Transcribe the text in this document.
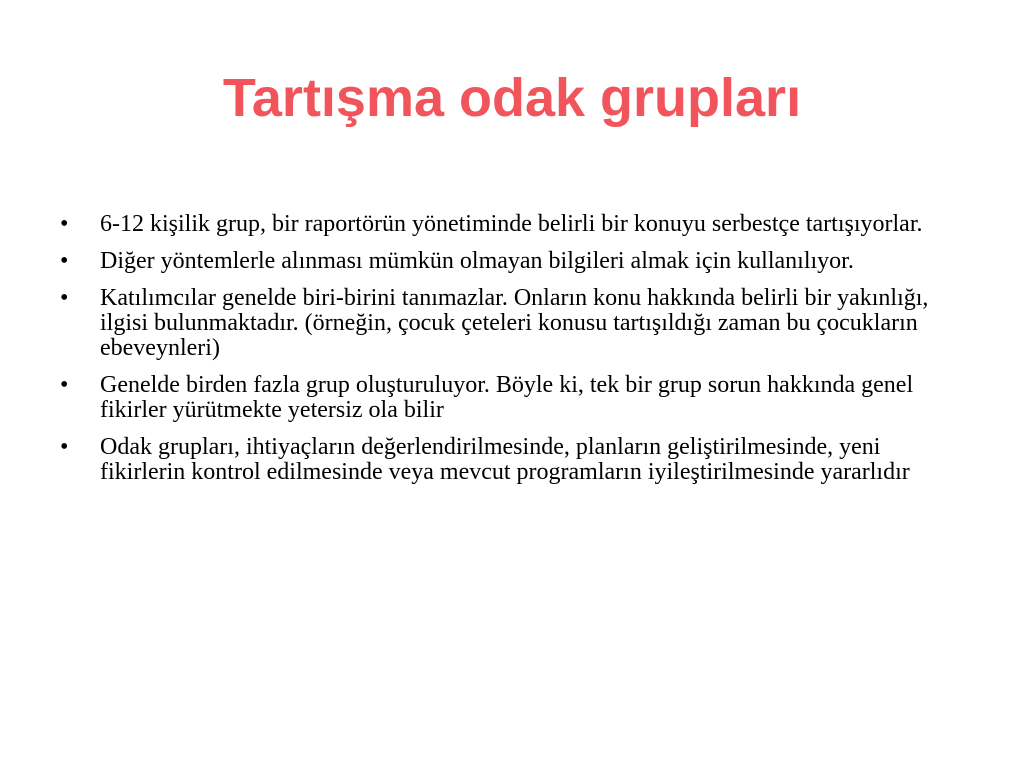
Tartışma odak grupları
•	6-12 kişilik grup, bir raportörün yönetiminde belirli bir konuyu serbestçe tartışıyorlar.
•	Diğer yöntemlerle alınması mümkün olmayan bilgileri almak için kullanılıyor.
•	Katılımcılar genelde biri-birini tanımazlar. Onların konu hakkında belirli bir yakınlığı, ilgisi bulunmaktadır. (örneğin, çocuk çeteleri konusu tartışıldığı zaman bu çocukların ebeveynleri)
•	Genelde birden fazla grup oluşturuluyor. Böyle ki, tek bir grup sorun hakkında genel fikirler yürütmekte yetersiz ola bilir
•	Odak grupları, ihtiyaçların değerlendirilmesinde, planların geliştirilmesinde, yeni fikirlerin kontrol edilmesinde veya mevcut programların iyileştirilmesinde yararlıdır
